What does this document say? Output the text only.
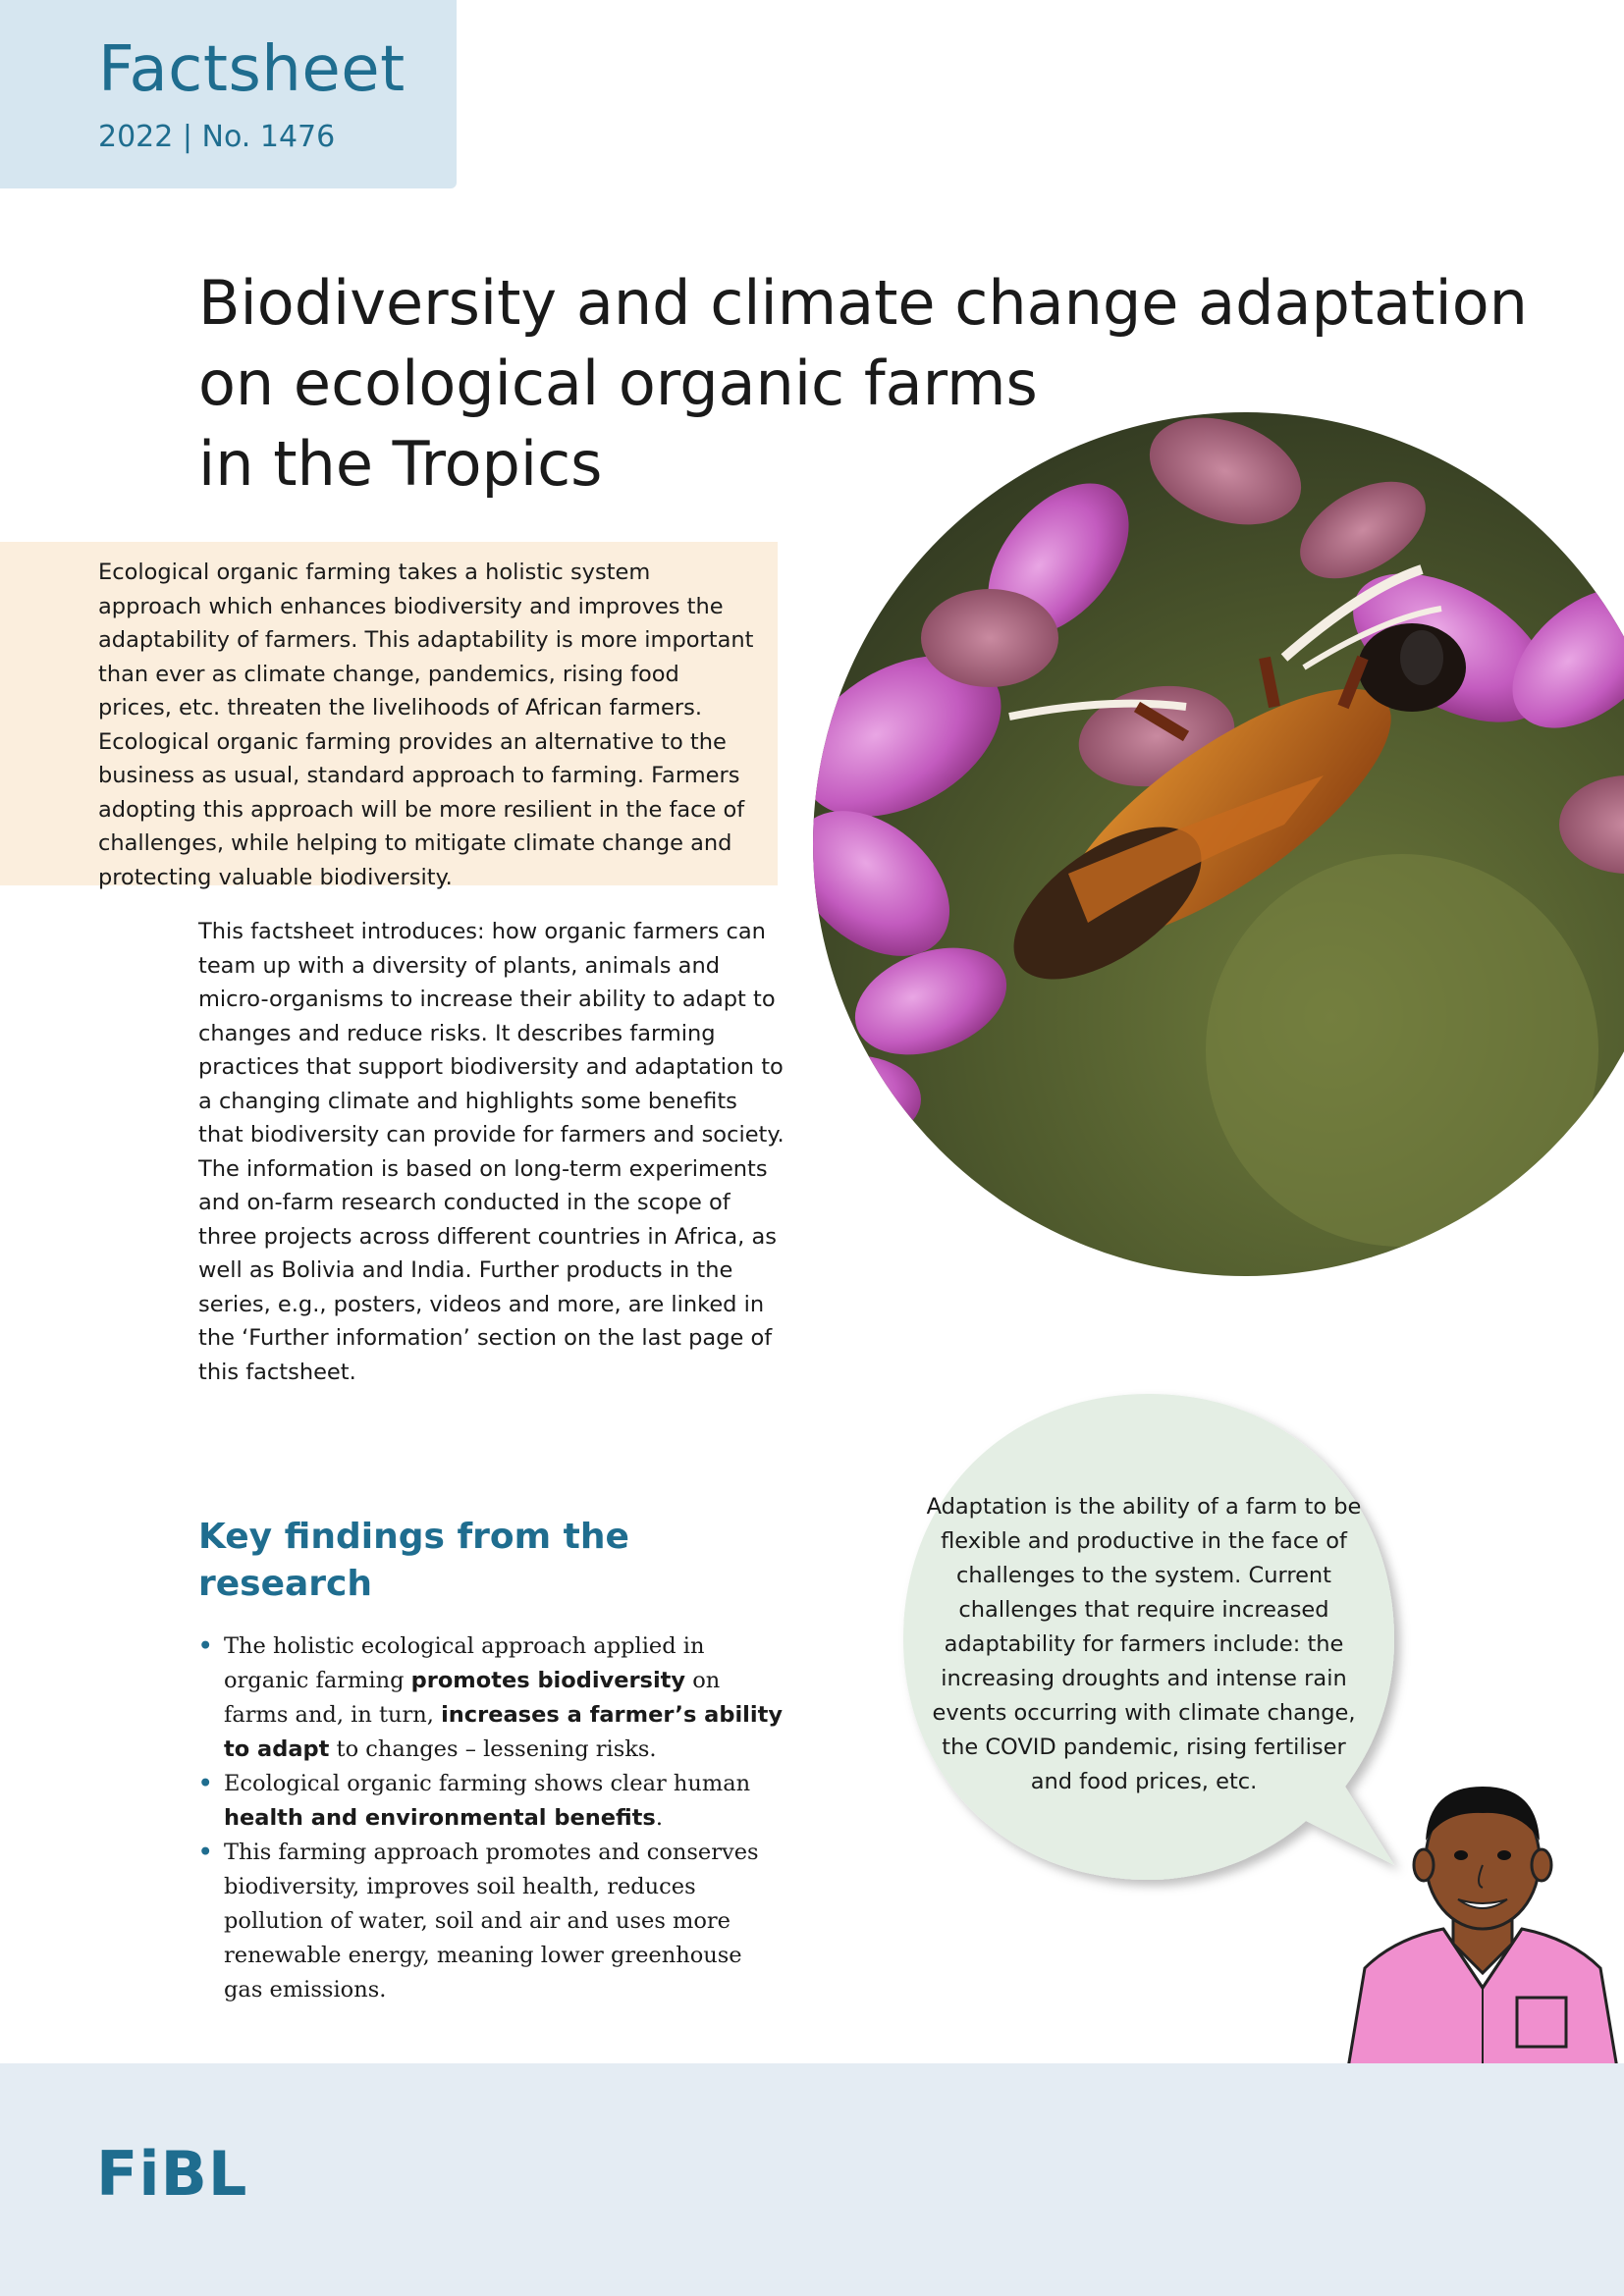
Factsheet
2022 | No. 1476
Biodiversity and climate change adaptation
on ecological organic farms
in the Tropics

Ecological organic farming takes a holistic system approach which enhances biodiversity and improves the adaptability of farmers. This adaptability is more important than ever as climate change, pandemics, rising food prices, etc. threaten the livelihoods of African farmers. Ecological organic farming provides an alternative to the business as usual, standard approach to farming. Farmers adopting this approach will be more resilient in the face of challenges, while helping to mitigate climate change and protecting valuable biodiversity.

This factsheet introduces: how organic farmers can team up with a diversity of plants, animals and micro-organisms to increase their ability to adapt to changes and reduce risks. It describes farming practices that support biodiversity and adaptation to a changing climate and highlights some benefits that biodiversity can provide for farmers and society. The information is based on long-term experiments and on-farm research conducted in the scope of three projects across different countries in Africa, as well as Bolivia and India. Further products in the series, e.g., posters, videos and more, are linked in the ‘Further information’ section on the last page of this factsheet.

Key findings from the
research
• The holistic ecological approach applied in organic farming promotes biodiversity on farms and, in turn, increases a farmer’s ability to adapt to changes – lessening risks.
• Ecological organic farming shows clear human health and environmental benefits.
• This farming approach promotes and conserves biodiversity, improves soil health, reduces pollution of water, soil and air and uses more renewable energy, meaning lower greenhouse gas emissions.

Adaptation is the ability of a farm to be flexible and productive in the face of challenges to the system. Current challenges that require increased adaptability for farmers include: the increasing droughts and intense rain events occurring with climate change, the COVID pandemic, rising fertiliser and food prices, etc.

FiBL
